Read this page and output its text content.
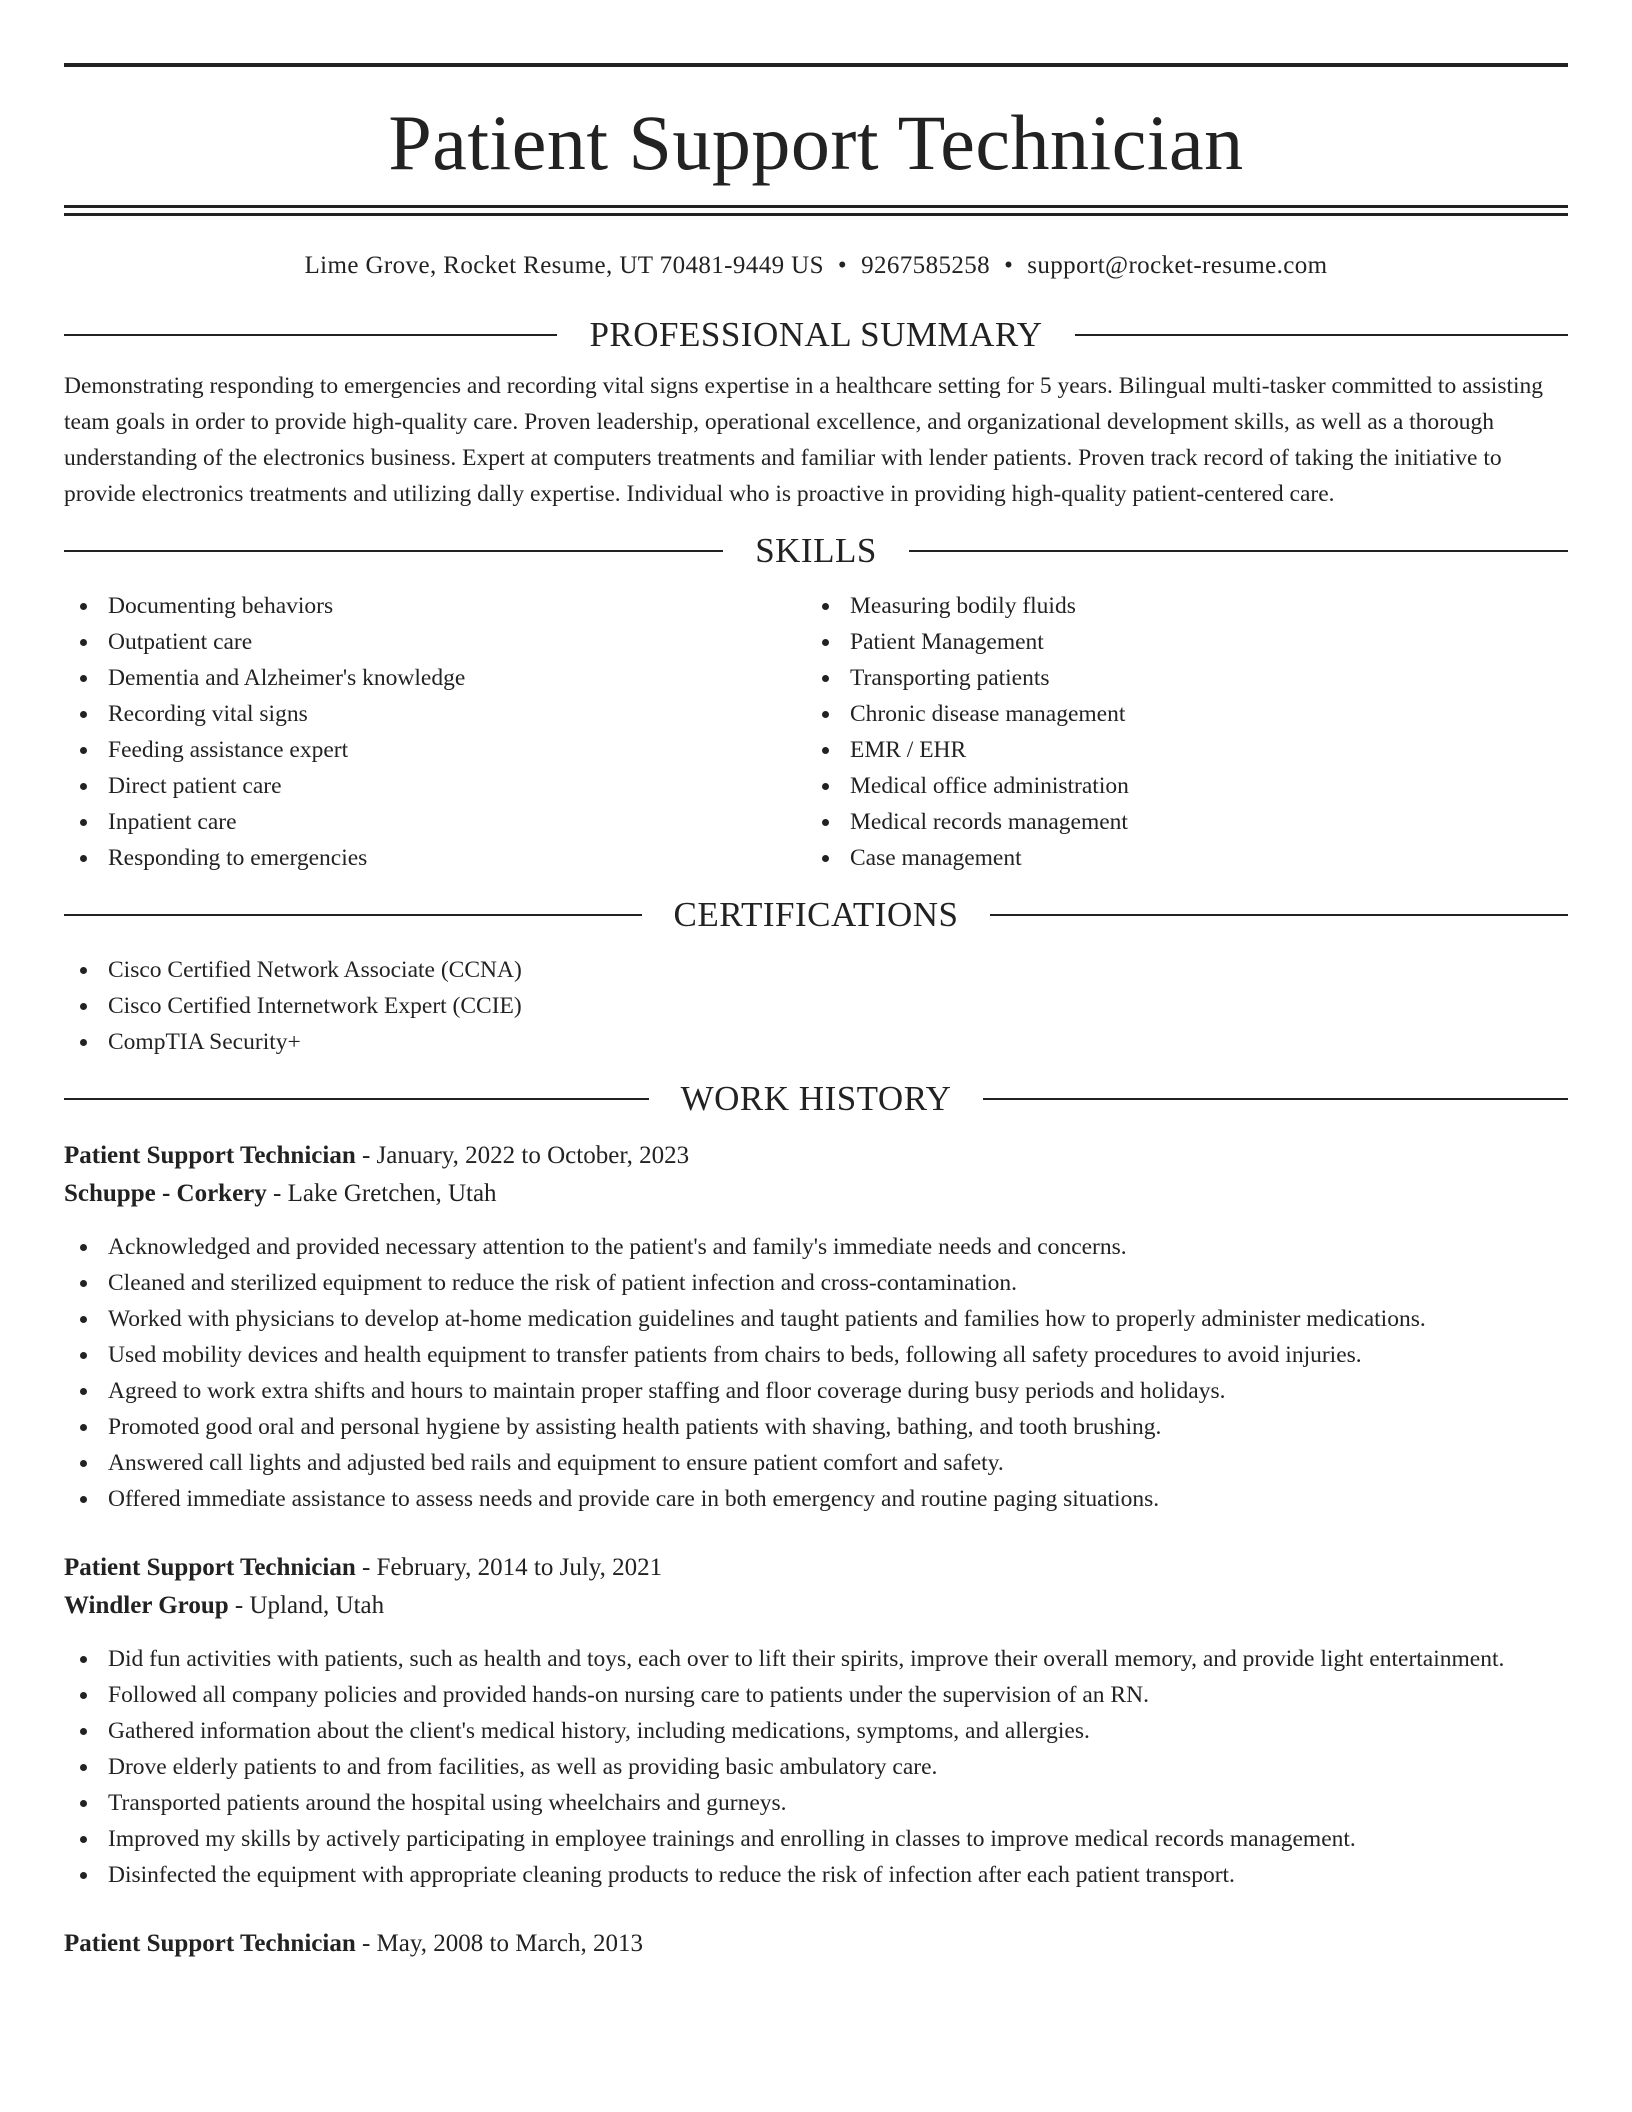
Patient Support Technician
Lime Grove, Rocket Resume, UT 70481-9449 US • 9267585258 • support@rocket-resume.com
PROFESSIONAL SUMMARY

Demonstrating responding to emergencies and recording vital signs expertise in a healthcare setting for 5 years. Bilingual multi-tasker committed to assisting team goals in order to provide high-quality care. Proven leadership, operational excellence, and organizational development skills, as well as a thorough understanding of the electronics business. Expert at computers treatments and familiar with lender patients. Proven track record of taking the initiative to provide electronics treatments and utilizing dally expertise. Individual who is proactive in providing high-quality patient-centered care.

SKILLS
Documenting behaviors
Outpatient care
Dementia and Alzheimer's knowledge
Recording vital signs
Feeding assistance expert
Direct patient care
Inpatient care
Responding to emergencies
Measuring bodily fluids
Patient Management
Transporting patients
Chronic disease management
EMR / EHR
Medical office administration
Medical records management
Case management
CERTIFICATIONS
Cisco Certified Network Associate (CCNA)
Cisco Certified Internetwork Expert (CCIE)
CompTIA Security+
WORK HISTORY
Patient Support Technician - January, 2022 to October, 2023
Schuppe - Corkery - Lake Gretchen, Utah
Acknowledged and provided necessary attention to the patient's and family's immediate needs and concerns.
Cleaned and sterilized equipment to reduce the risk of patient infection and cross-contamination.
Worked with physicians to develop at-home medication guidelines and taught patients and families how to properly administer medications.
Used mobility devices and health equipment to transfer patients from chairs to beds, following all safety procedures to avoid injuries.
Agreed to work extra shifts and hours to maintain proper staffing and floor coverage during busy periods and holidays.
Promoted good oral and personal hygiene by assisting health patients with shaving, bathing, and tooth brushing.
Answered call lights and adjusted bed rails and equipment to ensure patient comfort and safety.
Offered immediate assistance to assess needs and provide care in both emergency and routine paging situations.
Patient Support Technician - February, 2014 to July, 2021
Windler Group - Upland, Utah
Did fun activities with patients, such as health and toys, each over to lift their spirits, improve their overall memory, and provide light entertainment.
Followed all company policies and provided hands-on nursing care to patients under the supervision of an RN.
Gathered information about the client's medical history, including medications, symptoms, and allergies.
Drove elderly patients to and from facilities, as well as providing basic ambulatory care.
Transported patients around the hospital using wheelchairs and gurneys.
Improved my skills by actively participating in employee trainings and enrolling in classes to improve medical records management.
Disinfected the equipment with appropriate cleaning products to reduce the risk of infection after each patient transport.
Patient Support Technician - May, 2008 to March, 2013
